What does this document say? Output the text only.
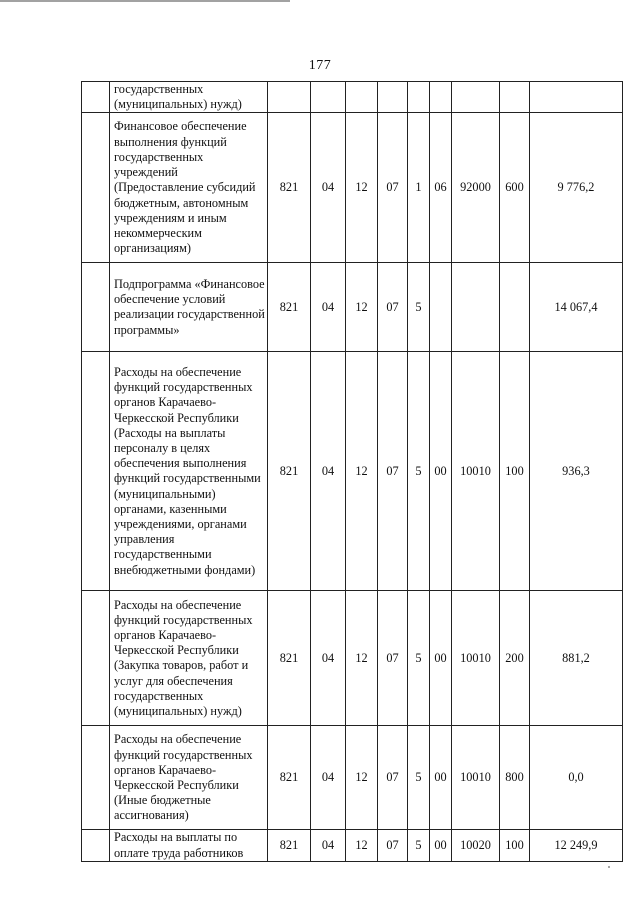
177
	государственных (муниципальных) нужд)									
	Финансовое обеспечение выполнения функций государственных учреждений (Предоставление субсидий бюджетным, автономным учреждениям и иным некоммерческим организациям)	821	04	12	07	1	06	92000	600	9 776,2
	Подпрограмма «Финансовое обеспечение условий реализации государственной программы»	821	04	12	07	5				14 067,4
	Расходы на обеспечение функций государственных органов Карачаево-Черкесской Республики (Расходы на выплаты персоналу в целях обеспечения выполнения функций государственными (муниципальными) органами, казенными учреждениями, органами управления государственными внебюджетными фондами)	821	04	12	07	5	00	10010	100	936,3
	Расходы на обеспечение функций государственных органов Карачаево-Черкесской Республики (Закупка товаров, работ и услуг для обеспечения государственных (муниципальных) нужд)	821	04	12	07	5	00	10010	200	881,2
	Расходы на обеспечение функций государственных органов Карачаево-Черкесской Республики (Иные бюджетные ассигнования)	821	04	12	07	5	00	10010	800	0,0
	Расходы на выплаты по оплате труда работников	821	04	12	07	5	00	10020	100	12 249,9
